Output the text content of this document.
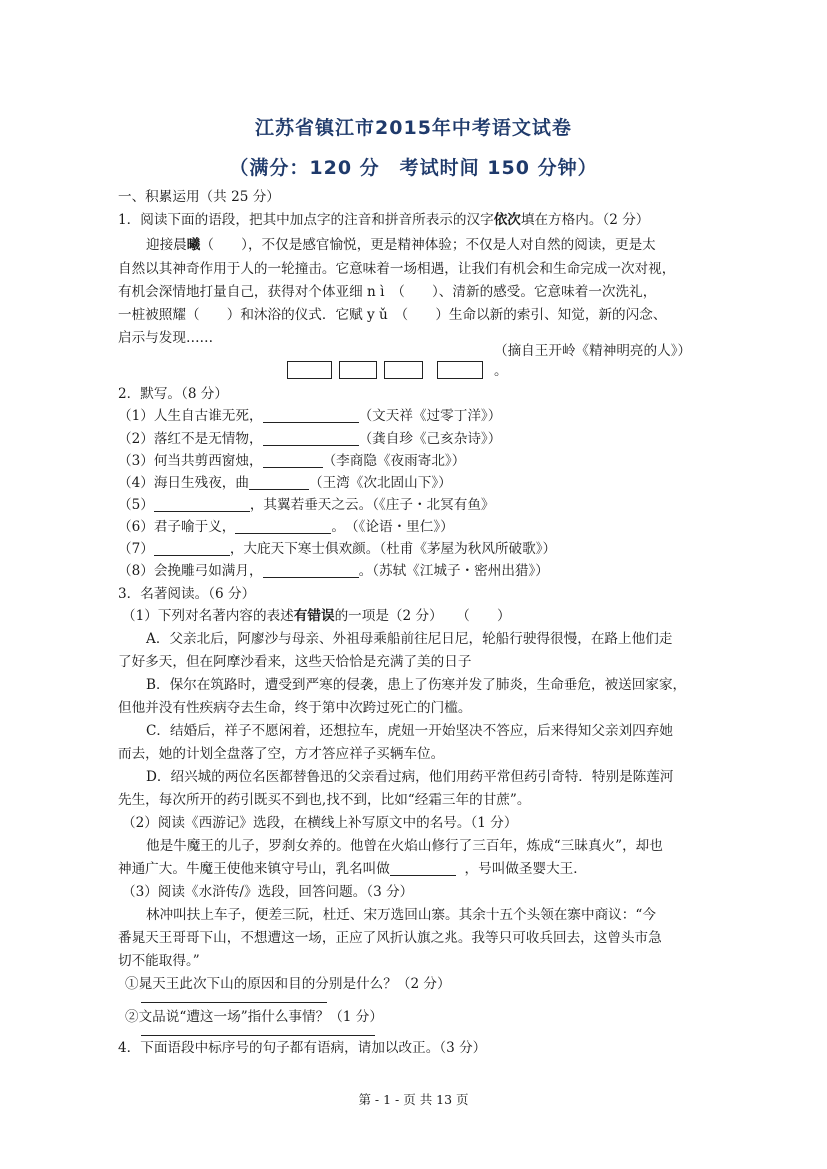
江苏省镇江市2015年中考语文试卷
（满分：120 分　考试时间 150 分钟）
一、积累运用（共 25 分）
1．阅读下面的语段，把其中加点字的注音和拼音所表示的汉字依次填在方格内。（2 分）
迎接晨曦（　　），不仅是感官愉悦，更是精神体验；不仅是人对自然的阅读，更是太
自然以其神奇作用于人的一轮撞击。它意味着一场相遇，让我们有机会和生命完成一次对视，
有机会深情地打量自己，获得对个体亚细 n ì　（　　）、清新的感受。它意味着一次洗礼，
一桩被照耀（　　）和沐浴的仪式．它赋 y ǔ　（　　）生命以新的索引、知觉，新的闪念、
启示与发现……
（摘自王开岭《精神明亮的人》）
。
2．默写。（8 分）
（1）人生自古谁无死，	（文天祥《过零丁洋》）
（2）落红不是无情物，	（龚自珍《己亥杂诗》）
（3）何当共剪西窗烛，	（李商隐《夜雨寄北》）
（4）海日生残夜，曲	（王湾《次北固山下》）
（5）	，其翼若垂天之云。（《庄子・北冥有鱼》
（6）君子喻于义，	。　（《论语・里仁》）
（7）	，大庇天下寒士俱欢颜。（杜甫《茅屋为秋风所破歌》）
（8）会挽雕弓如满月，	。（苏轼《江城子・密州出猎》）
3．名著阅读。（6 分）
（1）下列对名著内容的表述有错误的一项是（2 分）　　（　　）
A．父亲北后，阿廖沙与母亲、外祖母乘船前往尼日尼，轮船行驶得很慢，在路上他们走
了好多天，但在阿摩沙看来，这些天恰恰是充满了美的日子
B．保尔在筑路时，遭受到严寒的侵袭，患上了伤寒并发了肺炎，生命垂危，被送回家家，
但他并没有性疾病夺去生命，终于第中次跨过死亡的门槛。
C．结婚后，祥子不愿闲着，还想拉车，虎妞一开始坚决不答应，后来得知父亲刘四弃她
而去，她的计划全盘落了空，方才答应祥子买辆车位。
D．绍兴城的两位名医都替鲁迅的父亲看过病，他们用药平常但药引奇特．特别是陈莲河
先生，每次所开的药引既买不到也,找不到，比如“经霜三年的甘蔗”。
（2）阅读《西游记》选段，在横线上补写原文中的名号。（1 分）
他是牛魔王的儿子，罗刹女养的。他曾在火焰山修行了三百年，炼成“三昧真火”，却也
神通广大。牛魔王使他来镇守号山，乳名叫做	，号叫做圣婴大王．
（3）阅读《水浒传/》选段，回答问题。（3 分）
林冲叫扶上车子，便差三阮，杜迁、宋万选回山寨。其余十五个头领在寨中商议：“今
番晁天王哥哥下山，不想遭这一场，正应了风折认旗之兆。我等只可收兵回去，这曾头市急
切不能取得。”
①晁天王此次下山的原因和目的分别是什么？（2 分）
②文品说“遭这一场”指什么事情？（1 分）
4．下面语段中标序号的句子都有语病，请加以改正。（3 分）
第 - 1 - 页 共 13 页
